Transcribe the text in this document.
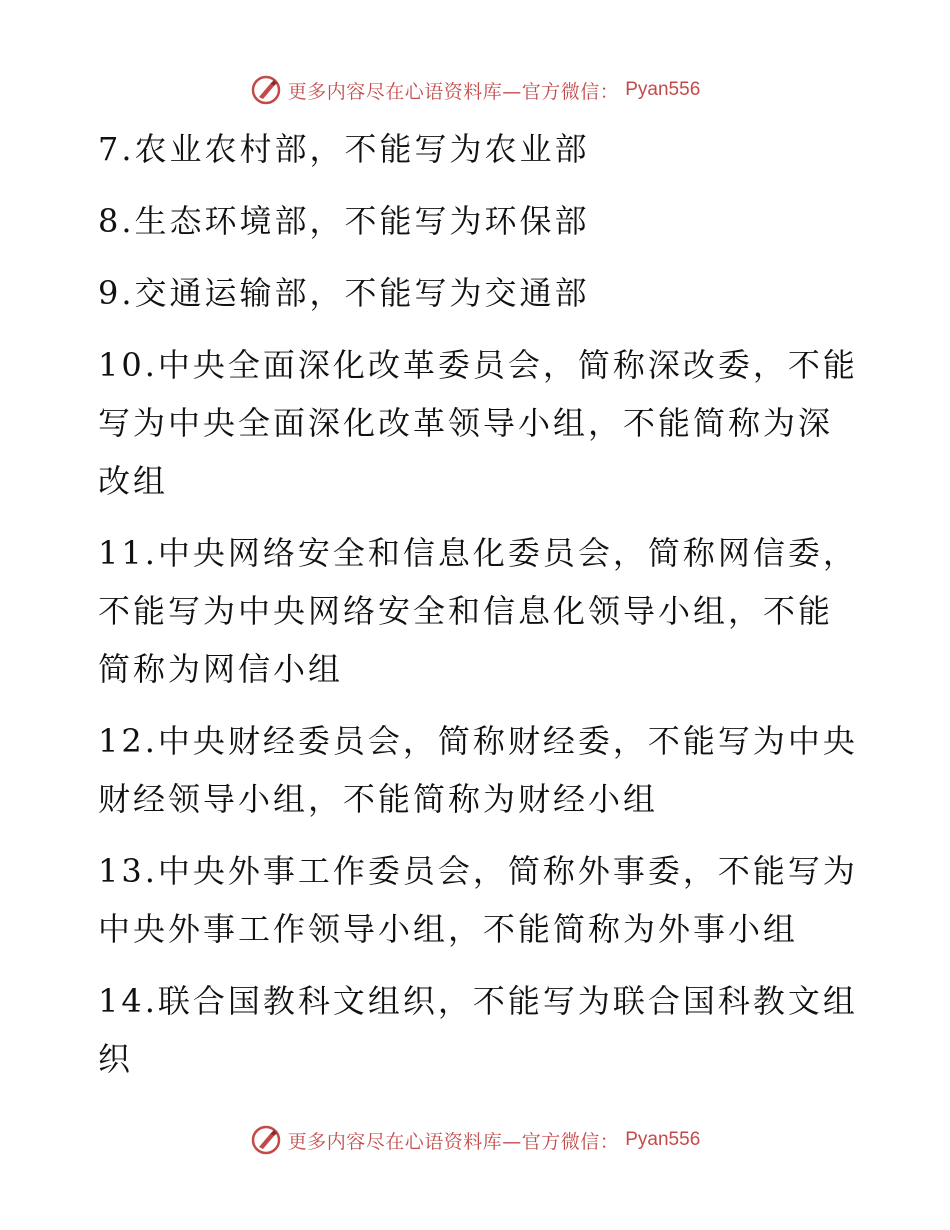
更多内容尽在心语资料库—官方微信： Pyan556

7.农业农村部，不能写为农业部

8.生态环境部，不能写为环保部

9.交通运输部，不能写为交通部

10.中央全面深化改革委员会，简称深改委，不能写为中央全面深化改革领导小组，不能简称为深改组

11.中央网络安全和信息化委员会，简称网信委，不能写为中央网络安全和信息化领导小组，不能简称为网信小组

12.中央财经委员会，简称财经委，不能写为中央财经领导小组，不能简称为财经小组

13.中央外事工作委员会，简称外事委，不能写为中央外事工作领导小组，不能简称为外事小组

14.联合国教科文组织，不能写为联合国科教文组织

更多内容尽在心语资料库—官方微信： Pyan556
